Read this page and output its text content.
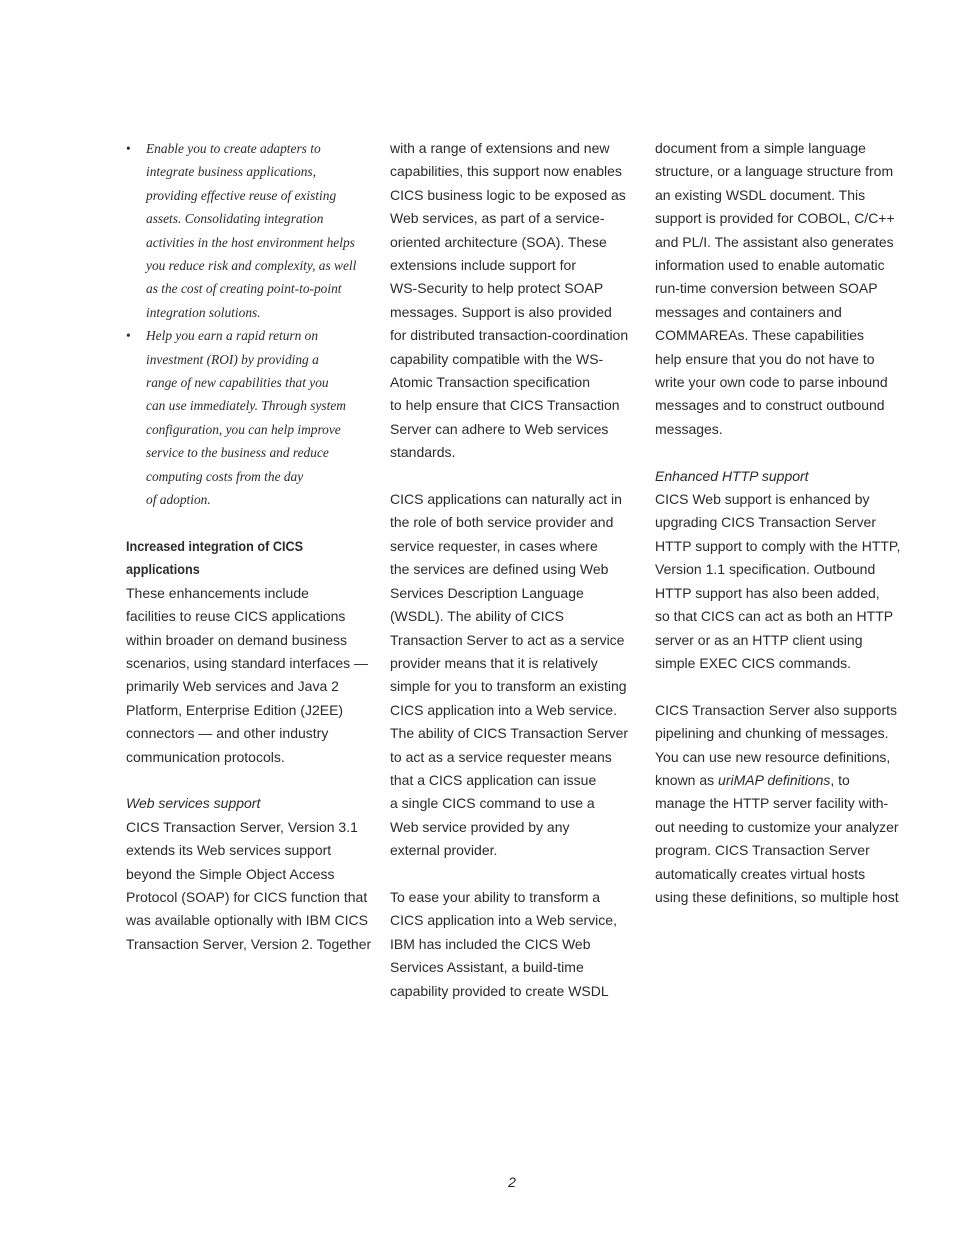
• Enable you to create adapters to
integrate business applications,
providing effective reuse of existing
assets. Consolidating integration
activities in the host environment helps
you reduce risk and complexity, as well
as the cost of creating point-to-point
integration solutions.
• Help you earn a rapid return on
investment (ROI) by providing a
range of new capabilities that you
can use immediately. Through system
configuration, you can help improve
service to the business and reduce
computing costs from the day
of adoption.

Increased integration of CICS
applications

These enhancements include
facilities to reuse CICS applications
within broader on demand business
scenarios, using standard interfaces —
primarily Web services and Java 2
Platform, Enterprise Edition (J2EE)
connectors — and other industry
communication protocols.

Web services support

CICS Transaction Server, Version 3.1
extends its Web services support
beyond the Simple Object Access
Protocol (SOAP) for CICS function that
was available optionally with IBM CICS
Transaction Server, Version 2. Together

with a range of extensions and new
capabilities, this support now enables
CICS business logic to be exposed as
Web services, as part of a service-
oriented architecture (SOA). These
extensions include support for
WS-Security to help protect SOAP
messages. Support is also provided
for distributed transaction-coordination
capability compatible with the WS-
Atomic Transaction specification
to help ensure that CICS Transaction
Server can adhere to Web services
standards.

CICS applications can naturally act in
the role of both service provider and
service requester, in cases where
the services are defined using Web
Services Description Language
(WSDL). The ability of CICS
Transaction Server to act as a service
provider means that it is relatively
simple for you to transform an existing
CICS application into a Web service.
The ability of CICS Transaction Server
to act as a service requester means
that a CICS application can issue
a single CICS command to use a
Web service provided by any
external provider.

To ease your ability to transform a
CICS application into a Web service,
IBM has included the CICS Web
Services Assistant, a build-time
capability provided to create WSDL

document from a simple language
structure, or a language structure from
an existing WSDL document. This
support is provided for COBOL, C/C++
and PL/I. The assistant also generates
information used to enable automatic
run-time conversion between SOAP
messages and containers and
COMMAREAs. These capabilities
help ensure that you do not have to
write your own code to parse inbound
messages and to construct outbound
messages.

Enhanced HTTP support

CICS Web support is enhanced by
upgrading CICS Transaction Server
HTTP support to comply with the HTTP,
Version 1.1 specification. Outbound
HTTP support has also been added,
so that CICS can act as both an HTTP
server or as an HTTP client using
simple EXEC CICS commands.

CICS Transaction Server also supports
pipelining and chunking of messages.
You can use new resource definitions,
known as uriMAP definitions, to
manage the HTTP server facility with-
out needing to customize your analyzer
program. CICS Transaction Server
automatically creates virtual hosts
using these definitions, so multiple host

2
